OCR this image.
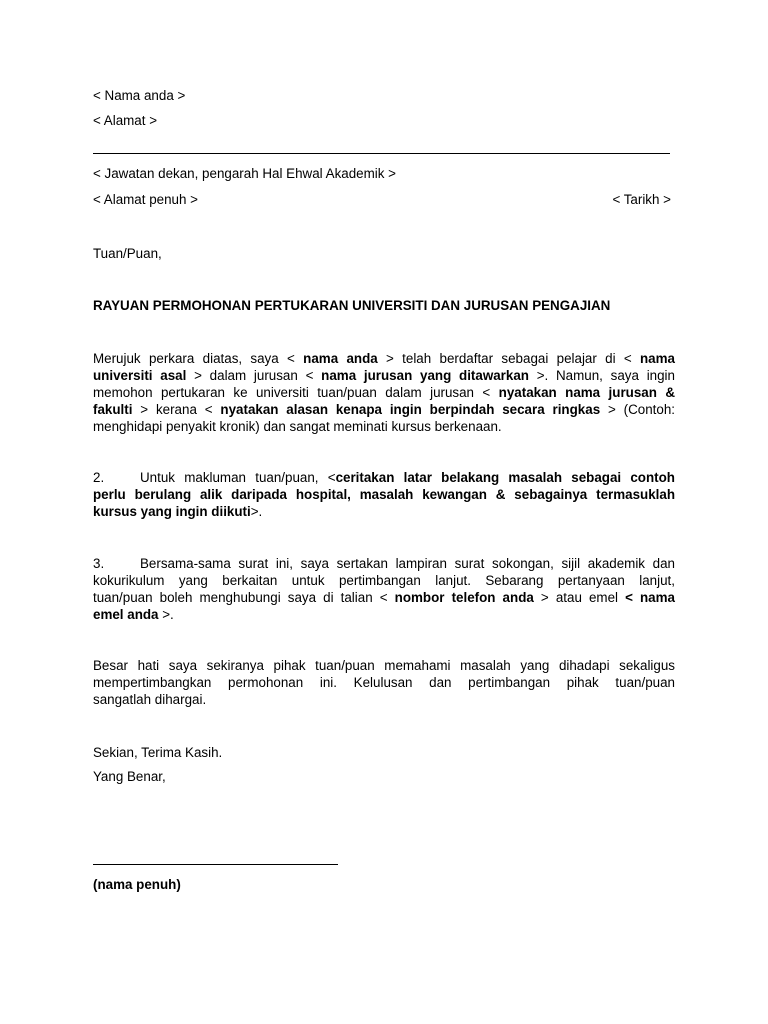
< Nama anda >
< Alamat >
< Jawatan dekan, pengarah Hal Ehwal Akademik >
< Alamat penuh >	< Tarikh >
Tuan/Puan,
RAYUAN PERMOHONAN PERTUKARAN UNIVERSITI DAN JURUSAN PENGAJIAN
Merujuk perkara diatas, saya < nama anda > telah berdaftar sebagai pelajar di < nama
universiti asal > dalam jurusan < nama jurusan yang ditawarkan >. Namun, saya ingin
memohon pertukaran ke universiti tuan/puan dalam jurusan < nyatakan nama jurusan &
fakulti > kerana < nyatakan alasan kenapa ingin berpindah secara ringkas > (Contoh:
menghidapi penyakit kronik) dan sangat meminati kursus berkenaan.
2.	Untuk makluman tuan/puan, <ceritakan latar belakang masalah sebagai contoh
perlu berulang alik daripada hospital, masalah kewangan & sebagainya termasuklah
kursus yang ingin diikuti>.
3.	Bersama-sama surat ini, saya sertakan lampiran surat sokongan, sijil akademik dan
kokurikulum yang berkaitan untuk pertimbangan lanjut. Sebarang pertanyaan lanjut,
tuan/puan boleh menghubungi saya di talian < nombor telefon anda > atau emel < nama
emel anda >.
Besar hati saya sekiranya pihak tuan/puan memahami masalah yang dihadapi sekaligus
mempertimbangkan permohonan ini. Kelulusan dan pertimbangan pihak tuan/puan
sangatlah dihargai.
Sekian, Terima Kasih.
Yang Benar,
(nama penuh)
